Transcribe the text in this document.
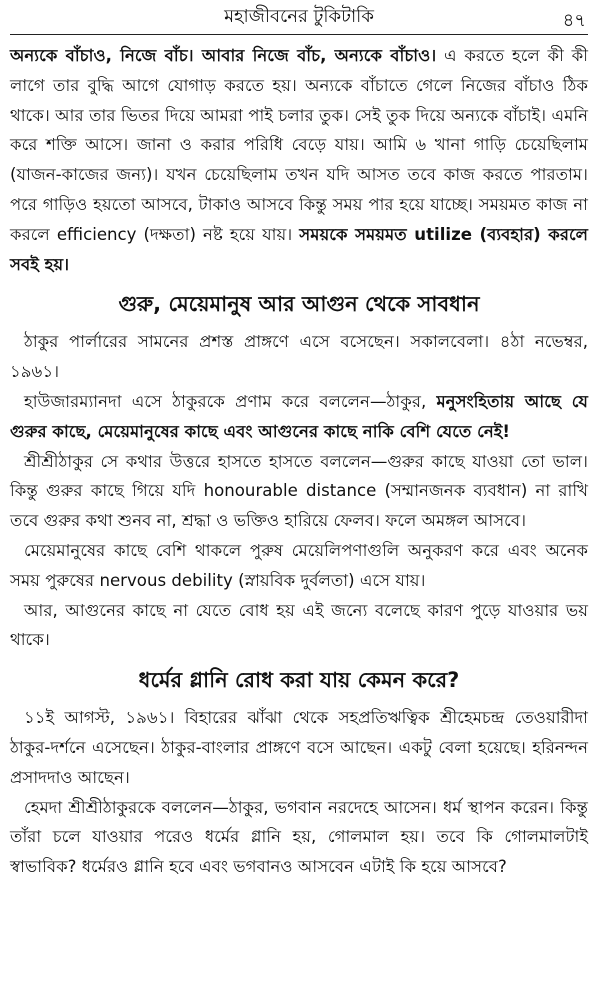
মহাজীবনের টুকিটাকি	৪৭

অন্যকে বাঁচাও, নিজে বাঁচ। আবার নিজে বাঁচ, অন্যকে বাঁচাও। এ করতে হলে কী কী লাগে তার বুদ্ধি আগে যোগাড় করতে হয়। অন্যকে বাঁচাতে গেলে নিজের বাঁচাও ঠিক থাকে। আর তার ভিতর দিয়ে আমরা পাই চলার তুক। সেই তুক দিয়ে অন্যকে বাঁচাই। এমনি করে শক্তি আসে। জানা ও করার পরিধি বেড়ে যায়। আমি ৬ খানা গাড়ি চেয়েছিলাম (যাজন-কাজের জন্য)। যখন চেয়েছিলাম তখন যদি আসত তবে কাজ করতে পারতাম। পরে গাড়িও হয়তো আসবে, টাকাও আসবে কিন্তু সময় পার হয়ে যাচ্ছে। সময়মত কাজ না করলে efficiency (দক্ষতা) নষ্ট হয়ে যায়। সময়কে সময়মত utilize (ব্যবহার) করলে সবই হয়।

গুরু, মেয়েমানুষ আর আগুন থেকে সাবধান

ঠাকুর পার্লারের সামনের প্রশস্ত প্রাঙ্গণে এসে বসেছেন। সকালবেলা। ৪ঠা নভেম্বর, ১৯৬১।

হাউজারম্যানদা এসে ঠাকুরকে প্রণাম করে বললেন—ঠাকুর, মনুসংহিতায় আছে যে গুরুর কাছে, মেয়েমানুষের কাছে এবং আগুনের কাছে নাকি বেশি যেতে নেই!

শ্রীশ্রীঠাকুর সে কথার উত্তরে হাসতে হাসতে বললেন—গুরুর কাছে যাওয়া তো ভাল। কিন্তু গুরুর কাছে গিয়ে যদি honourable distance (সম্মানজনক ব্যবধান) না রাখি তবে গুরুর কথা শুনব না, শ্রদ্ধা ও ভক্তিও হারিয়ে ফেলব। ফলে অমঙ্গল আসবে।

মেয়েমানুষের কাছে বেশি থাকলে পুরুষ মেয়েলিপণাগুলি অনুকরণ করে এবং অনেক সময় পুরুষের nervous debility (স্নায়বিক দুর্বলতা) এসে যায়।

আর, আগুনের কাছে না যেতে বোধ হয় এই জন্যে বলেছে কারণ পুড়ে যাওয়ার ভয় থাকে।

ধর্মের গ্লানি রোধ করা যায় কেমন করে?

১১ই আগস্ট, ১৯৬১। বিহারের ঝাঁঝা থেকে সহপ্রতিঋত্বিক শ্রীহেমচন্দ্র তেওয়ারীদা ঠাকুর-দর্শনে এসেছেন। ঠাকুর-বাংলার প্রাঙ্গণে বসে আছেন। একটু বেলা হয়েছে। হরিনন্দন প্রসাদদাও আছেন।

হেমদা শ্রীশ্রীঠাকুরকে বললেন—ঠাকুর, ভগবান নরদেহে আসেন। ধর্ম স্থাপন করেন। কিন্তু তাঁরা চলে যাওয়ার পরেও ধর্মের গ্লানি হয়, গোলমাল হয়। তবে কি গোলমালটাই স্বাভাবিক? ধর্মেরও গ্লানি হবে এবং ভগবানও আসবেন এটাই কি হয়ে আসবে?
